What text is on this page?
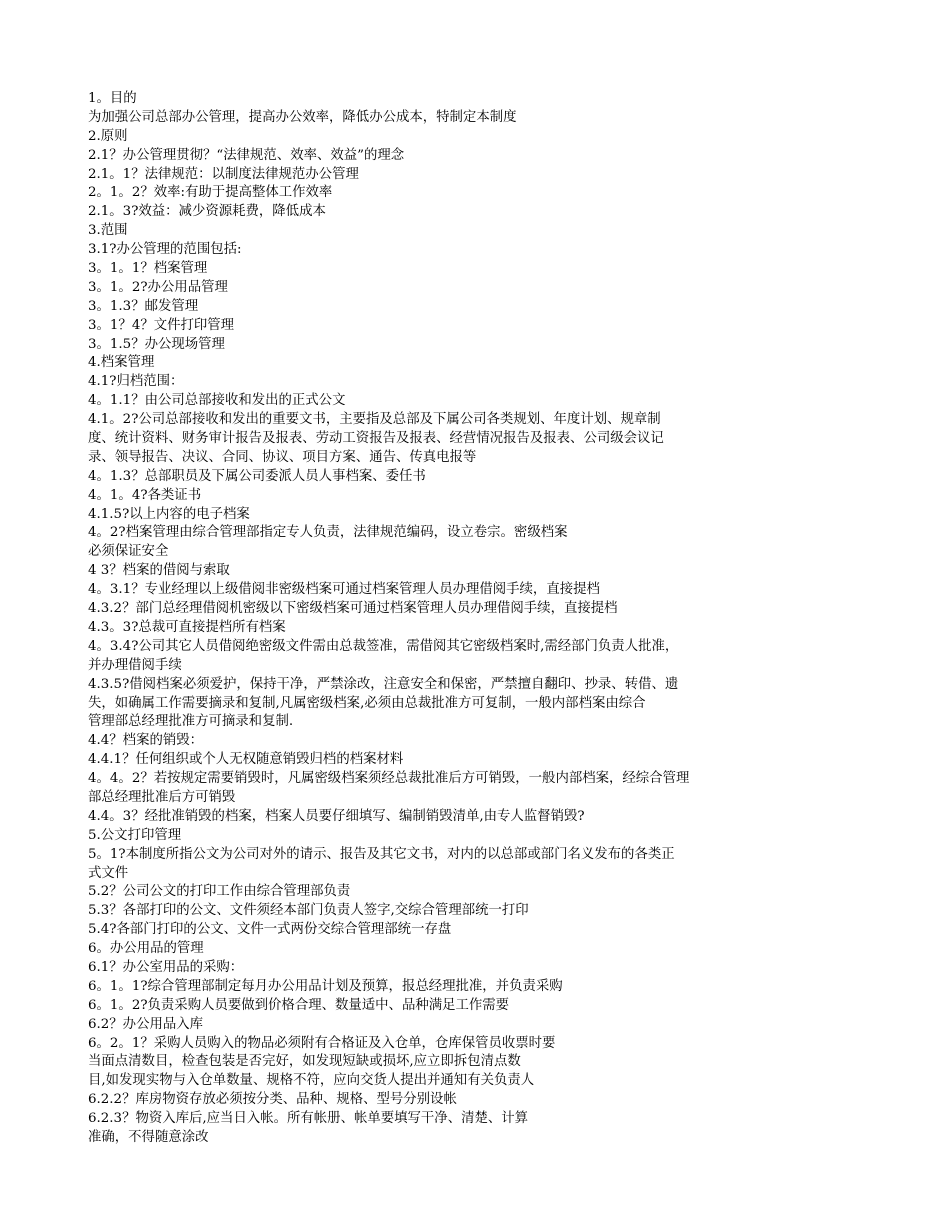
1。目的
为加强公司总部办公管理，提高办公效率，降低办公成本，特制定本制度
2.原则
2.1？办公管理贯彻？“法律规范、效率、效益”的理念
2.1。1？法律规范：以制度法律规范办公管理
2。1。2？效率:有助于提高整体工作效率
2.1。3?效益：减少资源耗费，降低成本
3.范围
3.1?办公管理的范围包括:
3。1。1？档案管理
3。1。2?办公用品管理
3。1.3？邮发管理
3。1？4？文件打印管理
3。1.5？办公现场管理
4.档案管理
4.1?归档范围：
4。1.1？由公司总部接收和发出的正式公文
4.1。2?公司总部接收和发出的重要文书，主要指及总部及下属公司各类规划、年度计划、规章制
度、统计资料、财务审计报告及报表、劳动工资报告及报表、经营情况报告及报表、公司级会议记
录、领导报告、决议、合同、协议、项目方案、通告、传真电报等
4。1.3？总部职员及下属公司委派人员人事档案、委任书
4。1。4?各类证书
4.1.5?以上内容的电子档案
4。2?档案管理由综合管理部指定专人负责，法律规范编码，设立卷宗。密级档案
必须保证安全
4 3？档案的借阅与索取
4。3.1？专业经理以上级借阅非密级档案可通过档案管理人员办理借阅手续，直接提档
4.3.2？部门总经理借阅机密级以下密级档案可通过档案管理人员办理借阅手续，直接提档
4.3。3?总裁可直接提档所有档案
4。3.4?公司其它人员借阅绝密级文件需由总裁签准，需借阅其它密级档案时,需经部门负责人批准，
并办理借阅手续
4.3.5?借阅档案必须爱护，保持干净，严禁涂改，注意安全和保密，严禁擅自翻印、抄录、转借、遗
失，如确属工作需要摘录和复制,凡属密级档案,必须由总裁批准方可复制，一般内部档案由综合
管理部总经理批准方可摘录和复制.
4.4？档案的销毁：
4.4.1？任何组织或个人无权随意销毁归档的档案材料
4。4。2？若按规定需要销毁时，凡属密级档案须经总裁批准后方可销毁，一般内部档案，经综合管理
部总经理批准后方可销毁
4.4。3？经批准销毁的档案，档案人员要仔细填写、编制销毁清单,由专人监督销毁?
5.公文打印管理
5。1?本制度所指公文为公司对外的请示、报告及其它文书，对内的以总部或部门名义发布的各类正
式文件
5.2？公司公文的打印工作由综合管理部负责
5.3？各部打印的公文、文件须经本部门负责人签字,交综合管理部统一打印
5.4?各部门打印的公文、文件一式两份交综合管理部统一存盘
6。办公用品的管理
6.1？办公室用品的采购：
6。1。1?综合管理部制定每月办公用品计划及预算，报总经理批准，并负责采购
6。1。2?负责采购人员要做到价格合理、数量适中、品种满足工作需要
6.2？办公用品入库
6。2。1？采购人员购入的物品必须附有合格证及入仓单，仓库保管员收票时要
当面点清数目，检查包装是否完好，如发现短缺或损坏,应立即拆包清点数
目,如发现实物与入仓单数量、规格不符，应向交货人提出并通知有关负责人
6.2.2？库房物资存放必须按分类、品种、规格、型号分别设帐
6.2.3？物资入库后,应当日入帐。所有帐册、帐单要填写干净、清楚、计算
准确，不得随意涂改
